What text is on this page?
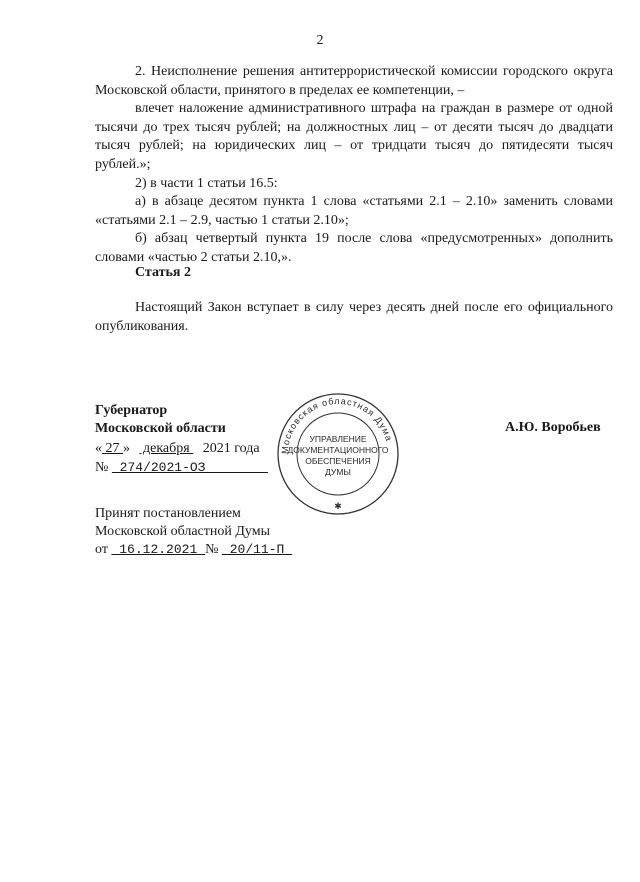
2

2. Неисполнение решения антитеррористической комиссии городского округа Московской области, принятого в пределах ее компетенции, –

влечет наложение административного штрафа на граждан в размере от одной тысячи до трех тысяч рублей; на должностных лиц – от десяти тысяч до двадцати тысяч рублей; на юридических лиц – от тридцати тысяч до пятидесяти тысяч рублей.»;

2) в части 1 статьи 16.5:

а) в абзаце десятом пункта 1 слова «статьями 2.1 – 2.10» заменить словами «статьями 2.1 – 2.9, частью 1 статьи 2.10»;

б) абзац четвертый пункта 19 после слова «предусмотренных» дополнить словами «частью 2 статьи 2.10,».

Статья 2

Настоящий Закон вступает в силу через десять дней после его официального опубликования.

Губернатор
Московской области
« 27 »  декабря  2021 года
№  274/2021-ОЗ
А.Ю. Воробьев
Московская областная Дума
УПРАВЛЕНИЕ
ДОКУМЕНТАЦИОННОГО
ОБЕСПЕЧЕНИЯ
ДУМЫ
✱
Принят постановлением
Московской областной Думы
от  16.12.2021 №  20/11-П
